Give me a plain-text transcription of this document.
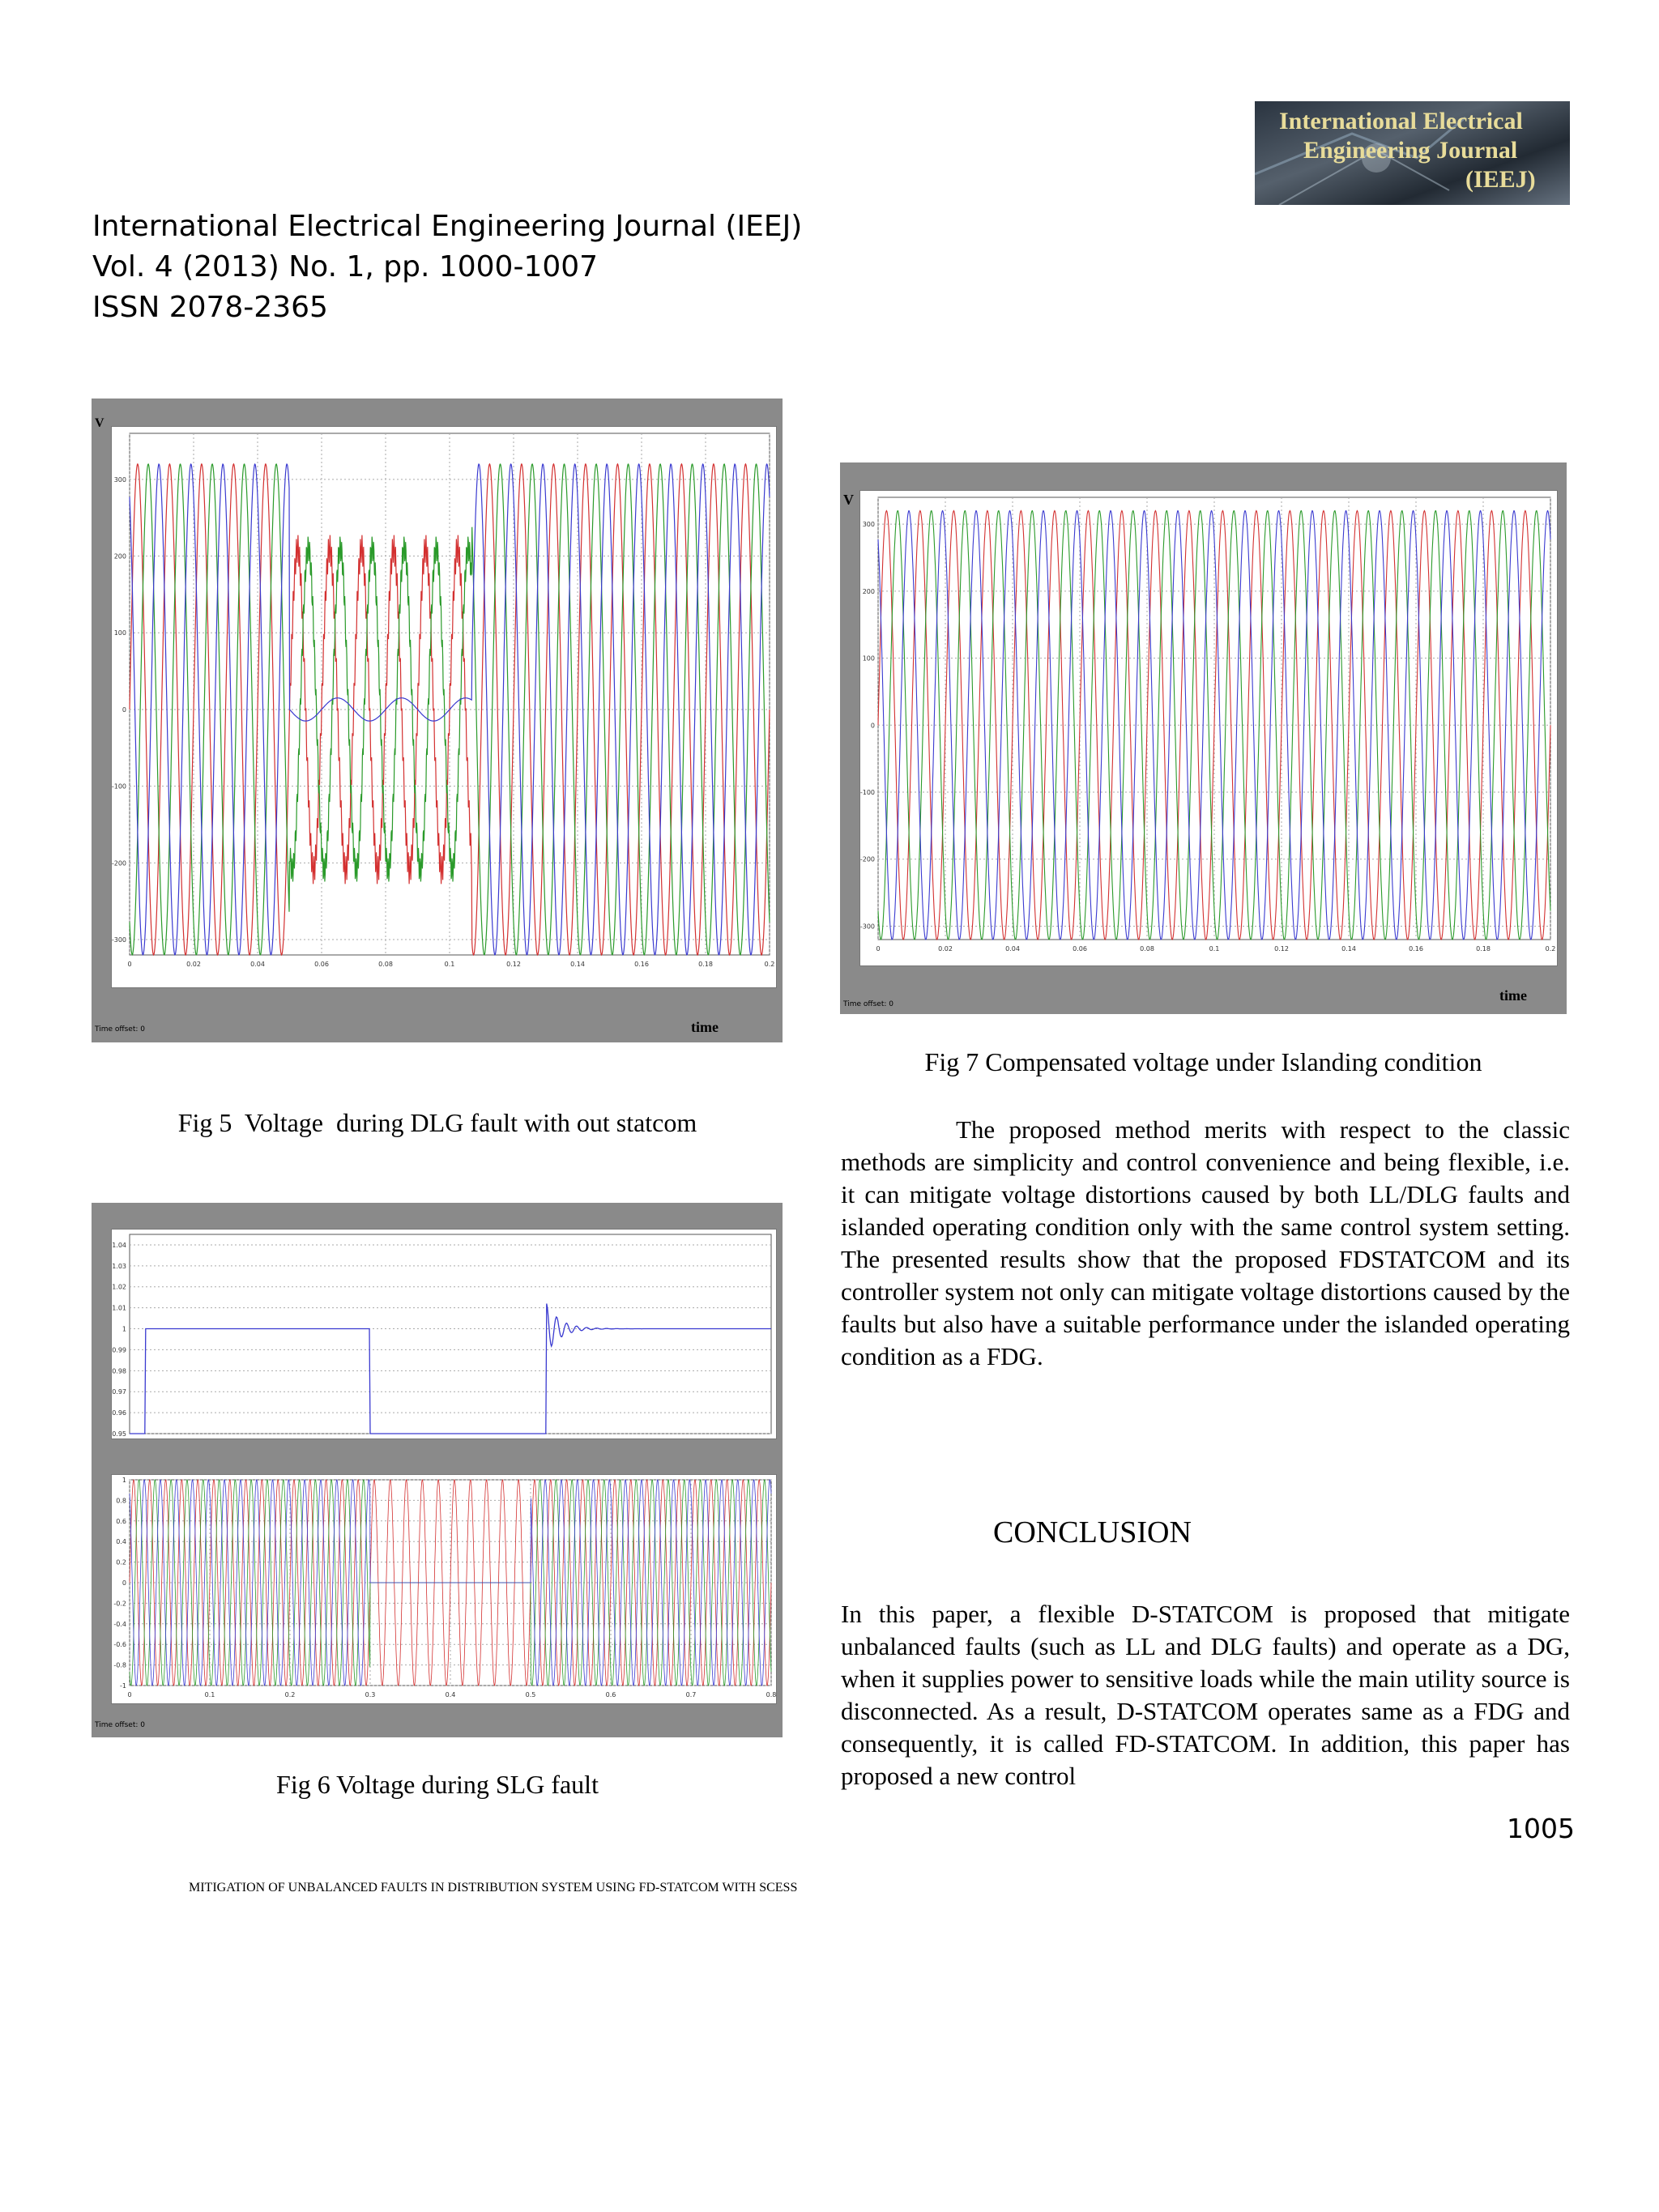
International Electrical
Engineering Journal
(IEEJ)
International Electrical Engineering Journal (IEEJ)
Vol. 4 (2013) No. 1, pp. 1000-1007
ISSN 2078-2365
0	0.02	0.04	0.06	0.08	0.1	0.12	0.14	0.16	0.18	0.2
300
200
100
0
-100
-200
-300
V
time
Time offset: 0
Fig 5  Voltage  during DLG fault with out statcom
1.04
1.03
1.02
1.01
1
0.99
0.98
0.97
0.96
0.95
0	0.1	0.2	0.3	0.4	0.5	0.6	0.7	0.8
1
0.8
0.6
0.4
0.2
0
-0.2
-0.4
-0.6
-0.8
-1
Time offset: 0
Fig 6 Voltage during SLG fault
0	0.02	0.04	0.06	0.08	0.1	0.12	0.14	0.16	0.18	0.2
300
200
100
0
-100
-200
-300
V
time
Time offset: 0
Fig 7 Compensated voltage under Islanding condition
The proposed method merits with respect to the classic methods are simplicity and control convenience and being flexible, i.e. it can mitigate voltage distortions caused by both LL/DLG faults and islanded operating condition only with the same control system setting. The presented results show that the proposed FDSTATCOM and its controller system not only can mitigate voltage distortions caused by the faults but also have a suitable performance under the islanded operating condition as a FDG.
CONCLUSION
In this paper, a flexible D-STATCOM is proposed that mitigate unbalanced faults (such as LL and DLG faults) and operate as a DG, when it supplies power to sensitive loads while the main utility source is disconnected. As a result, D-STATCOM operates same as a FDG and consequently, it is called FD-STATCOM. In addition, this paper has proposed a new control
1005
MITIGATION OF UNBALANCED FAULTS IN DISTRIBUTION SYSTEM USING FD-STATCOM WITH SCESS
